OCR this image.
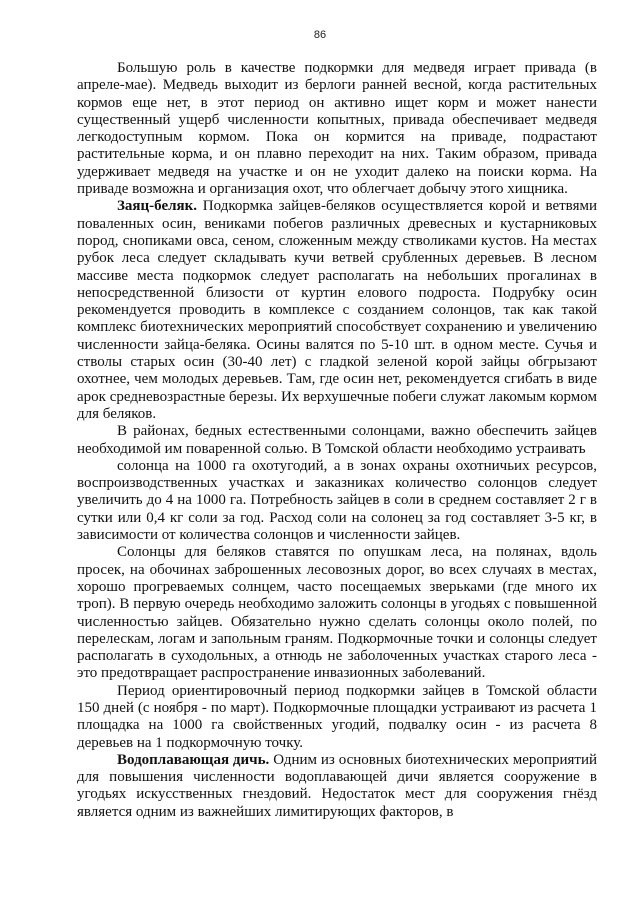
86

Большую роль в качестве подкормки для медведя играет привада (в апреле-мае). Медведь выходит из берлоги ранней весной, когда растительных кормов еще нет, в этот период он активно ищет корм и может нанести существенный ущерб численности копытных, привада обеспечивает медведя легкодоступным кормом. Пока он кормится на приваде, подрастают растительные корма, и он плавно переходит на них. Таким образом, привада удерживает медведя на участке и он не уходит далеко на поиски корма. На приваде возможна и организация охот, что облегчает добычу этого хищника.

Заяц-беляк. Подкормка зайцев-беляков осуществляется корой и ветвями поваленных осин, вениками побегов различных древесных и кустарниковых пород, снопиками овса, сеном, сложенным между стволиками кустов. На местах рубок леса следует складывать кучи ветвей срубленных деревьев. В лесном массиве места подкормок следует располагать на небольших прогалинах в непосредственной близости от куртин елового подроста. Подрубку осин рекомендуется проводить в комплексе с созданием солонцов, так как такой комплекс биотехнических мероприятий способствует сохранению и увеличению численности зайца-беляка. Осины валятся по 5-10 шт. в одном месте. Сучья и стволы старых осин (30-40 лет) с гладкой зеленой корой зайцы обгрызают охотнее, чем молодых деревьев. Там, где осин нет, рекомендуется сгибать в виде арок средневозрастные березы. Их верхушечные побеги служат лакомым кормом для беляков.

В районах, бедных естественными солонцами, важно обеспечить зайцев необходимой им поваренной солью. В Томской области необходимо устраивать

солонца на 1000 га охотугодий, а в зонах охраны охотничьих ресурсов, воспроизводственных участках и заказниках количество солонцов следует увеличить до 4 на 1000 га. Потребность зайцев в соли в среднем составляет 2 г в сутки или 0,4 кг соли за год. Расход соли на солонец за год составляет 3-5 кг, в зависимости от количества солонцов и численности зайцев.

Солонцы для беляков ставятся по опушкам леса, на полянах, вдоль просек, на обочинах заброшенных лесовозных дорог, во всех случаях в местах, хорошо прогреваемых солнцем, часто посещаемых зверьками (где много их троп). В первую очередь необходимо заложить солонцы в угодьях с повышенной численностью зайцев. Обязательно нужно сделать солонцы около полей, по перелескам, логам и запольным граням. Подкормочные точки и солонцы следует располагать в суходольных, а отнюдь не заболоченных участках старого леса - это предотвращает распространение инвазионных заболеваний.

Период ориентировочный период подкормки зайцев в Томской области 150 дней (с ноября - по март). Подкормочные площадки устраивают из расчета 1 площадка на 1000 га свойственных угодий, подвалку осин - из расчета 8 деревьев на 1 подкормочную точку.

Водоплавающая дичь. Одним из основных биотехнических мероприятий для повышения численности водоплавающей дичи является сооружение в угодьях искусственных гнездовий. Недостаток мест для сооружения гнёзд является одним из важнейших лимитирующих факторов, в
